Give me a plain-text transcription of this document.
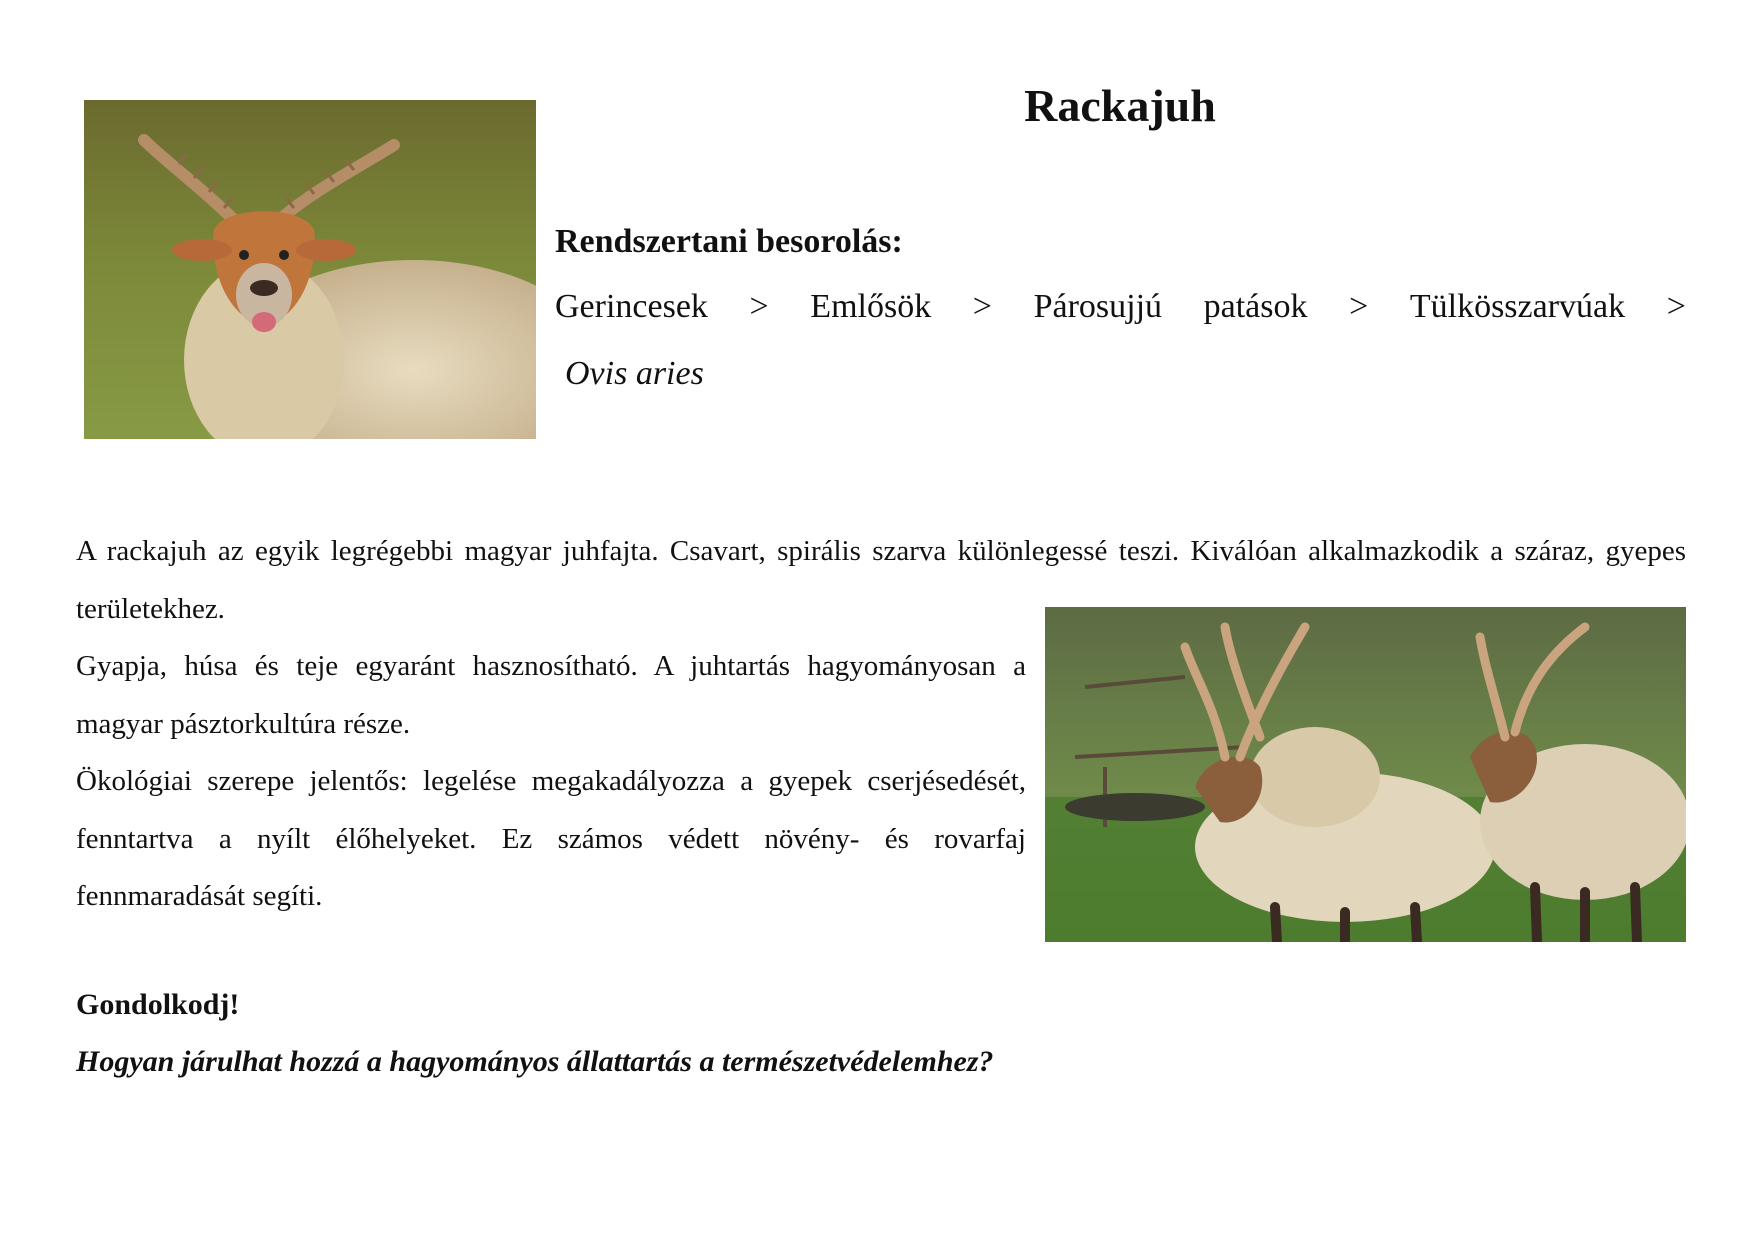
Rackajuh
Rendszertani besorolás:
Gerincesek > Emlősök > Párosujjú patások > Tülkösszarvúak >
Ovis aries

A rackajuh az egyik legrégebbi magyar juhfajta. Csavart, spirális szarva különlegessé teszi. Kiválóan alkalmazkodik a száraz, gyepes területekhez.

Gyapja, húsa és teje egyaránt hasznosítható. A juhtartás hagyományosan a magyar pásztorkultúra része.

Ökológiai szerepe jelentős: legelése megakadályozza a gyepek cserjésedését, fenntartva a nyílt élőhelyeket. Ez számos védett növény- és rovarfaj fennmaradását segíti.

Gondolkodj!
Hogyan járulhat hozzá a hagyományos állattartás a természetvédelemhez?
